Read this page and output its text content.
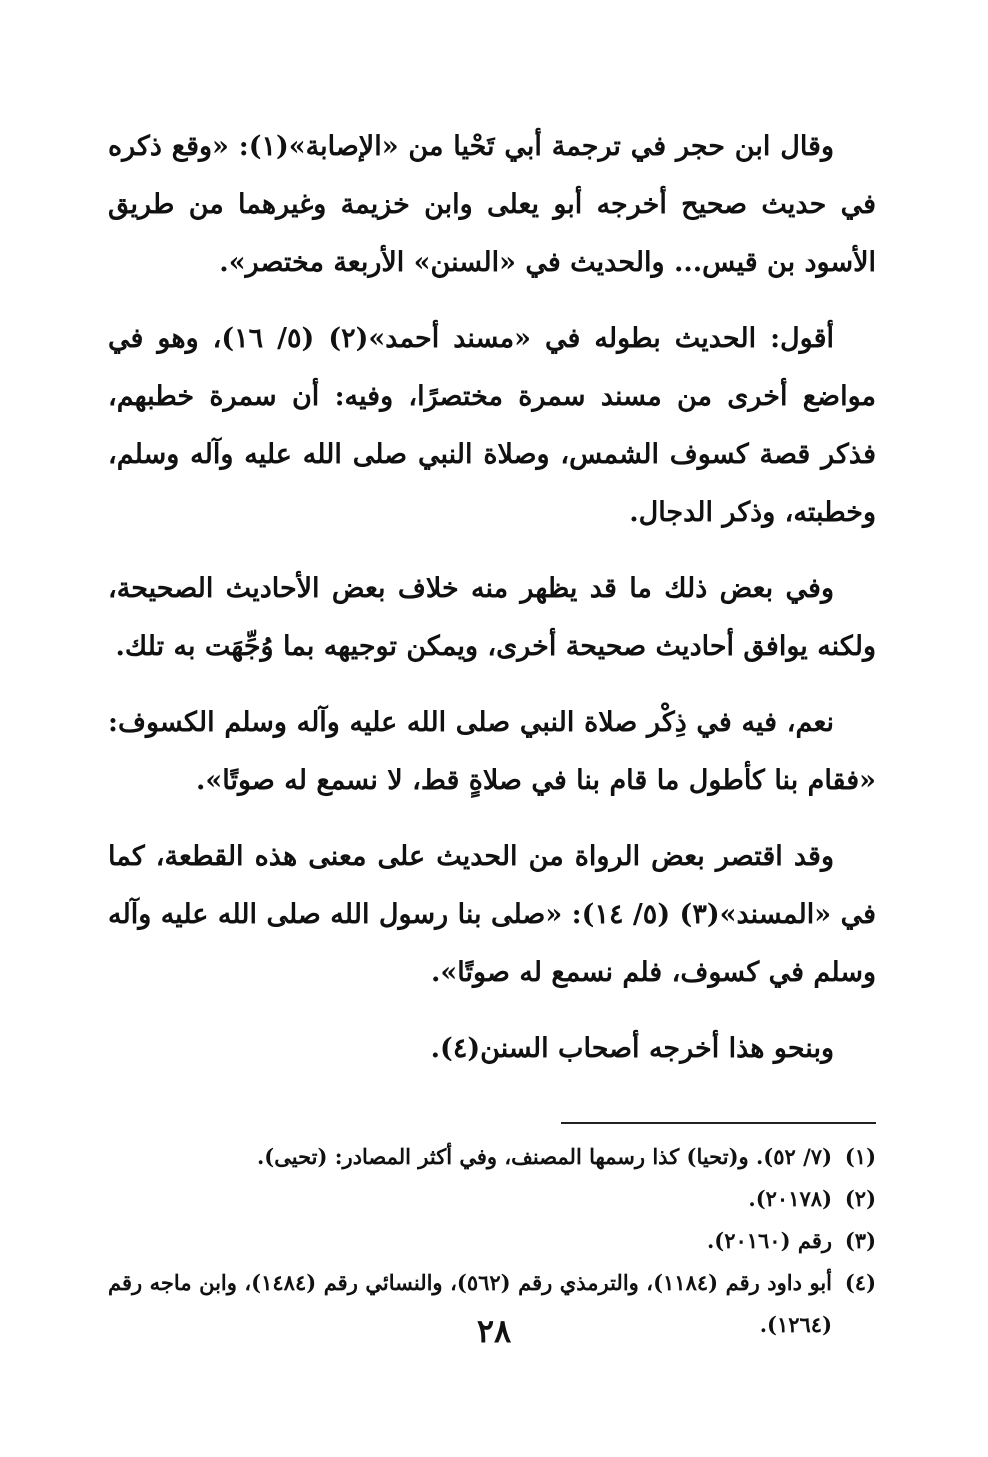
وقال ابن حجر في ترجمة أبي تَحْيا من «الإصابة»(١): «وقع ذكره في حديث صحيح أخرجه أبو يعلى وابن خزيمة وغيرهما من طريق الأسود بن قيس... والحديث في «السنن» الأربعة مختصر».

أقول: الحديث بطوله في «مسند أحمد»(٢) (٥/ ١٦)، وهو في مواضع أخرى من مسند سمرة مختصرًا، وفيه: أن سمرة خطبهم، فذكر قصة كسوف الشمس، وصلاة النبي صلى الله عليه وآله وسلم، وخطبته، وذكر الدجال.

وفي بعض ذلك ما قد يظهر منه خلاف بعض الأحاديث الصحيحة، ولكنه يوافق أحاديث صحيحة أخرى، ويمكن توجيهه بما وُجِّهَت به تلك.

نعم، فيه في ذِكْر صلاة النبي صلى الله عليه وآله وسلم الكسوف: «فقام بنا كأطول ما قام بنا في صلاةٍ قط، لا نسمع له صوتًا».

وقد اقتصر بعض الرواة من الحديث على معنى هذه القطعة، كما في «المسند»(٣) (٥/ ١٤): «صلى بنا رسول الله صلى الله عليه وآله وسلم في كسوف، فلم نسمع له صوتًا».

وبنحو هذا أخرجه أصحاب السنن(٤).

(١)
(٧/ ٥٢). و(تحيا) كذا رسمها المصنف، وفي أكثر المصادر: (تحيى).
(٢)
(٢٠١٧٨).
(٣)
رقم (٢٠١٦٠).
(٤)
أبو داود رقم (١١٨٤)، والترمذي رقم (٥٦٢)، والنسائي رقم (١٤٨٤)، وابن ماجه رقم (١٢٦٤).
٢٨
